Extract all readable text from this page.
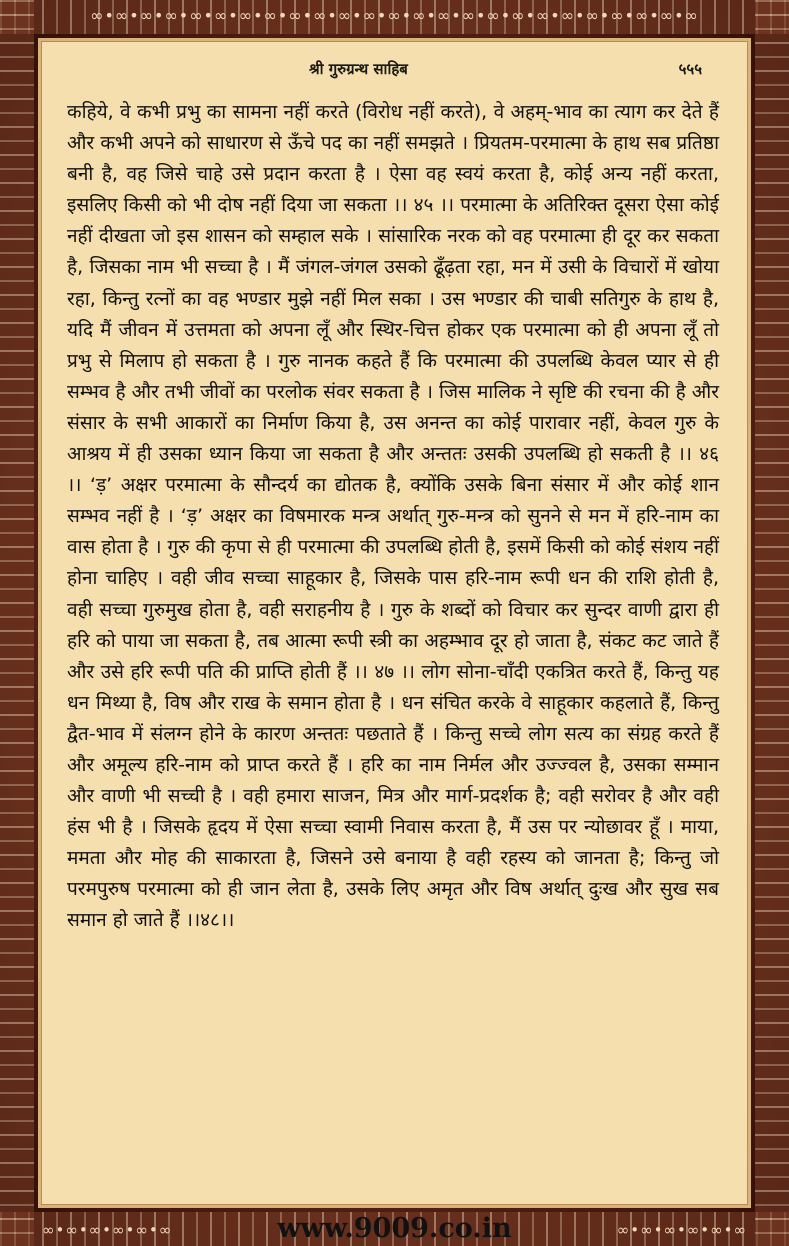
∞•∞•∞•∞•∞•∞•∞•∞•∞•∞•∞•∞•∞•∞•∞•∞•∞•∞•∞•∞•∞•∞•∞•∞•∞
श्री गुरुग्रन्थ साहिब	५५५

कहिये, वे कभी प्रभु का सामना नहीं करते (विरोध नहीं करते), वे अहम्-भाव का त्याग कर देते हैं और कभी अपने को साधारण से ऊँचे पद का नहीं समझते । प्रियतम-परमात्मा के हाथ सब प्रतिष्ठा बनी है, वह जिसे चाहे उसे प्रदान करता है । ऐसा वह स्वयं करता है, कोई अन्य नहीं करता, इसलिए किसी को भी दोष नहीं दिया जा सकता ।। ४५ ।। परमात्मा के अतिरिक्त दूसरा ऐसा कोई नहीं दीखता जो इस शासन को सम्हाल सके । सांसारिक नरक को वह परमात्मा ही दूर कर सकता है, जिसका नाम भी सच्चा है । मैं जंगल-जंगल उसको ढूँढ़ता रहा, मन में उसी के विचारों में खोया रहा, किन्तु रत्नों का वह भण्डार मुझे नहीं मिल सका । उस भण्डार की चाबी सतिगुरु के हाथ है, यदि मैं जीवन में उत्तमता को अपना लूँ और स्थिर-चित्त होकर एक परमात्मा को ही अपना लूँ तो प्रभु से मिलाप हो सकता है । गुरु नानक कहते हैं कि परमात्मा की उपलब्धि केवल प्यार से ही सम्भव है और तभी जीवों का परलोक संवर सकता है । जिस मालिक ने सृष्टि की रचना की है और संसार के सभी आकारों का निर्माण किया है, उस अनन्त का कोई पारावार नहीं, केवल गुरु के आश्रय में ही उसका ध्यान किया जा सकता है और अन्ततः उसकी उपलब्धि हो सकती है ।। ४६ ।। ‘ड़’ अक्षर परमात्मा के सौन्दर्य का द्योतक है, क्योंकि उसके बिना संसार में और कोई शान सम्भव नहीं है । ‘ड़’ अक्षर का विषमारक मन्त्र अर्थात् गुरु-मन्त्र को सुनने से मन में हरि-नाम का वास होता है । गुरु की कृपा से ही परमात्मा की उपलब्धि होती है, इसमें किसी को कोई संशय नहीं होना चाहिए । वही जीव सच्चा साहूकार है, जिसके पास हरि-नाम रूपी धन की राशि होती है, वही सच्चा गुरुमुख होता है, वही सराहनीय है । गुरु के शब्दों को विचार कर सुन्दर वाणी द्वारा ही हरि को पाया जा सकता है, तब आत्मा रूपी स्त्री का अहम्भाव दूर हो जाता है, संकट कट जाते हैं और उसे हरि रूपी पति की प्राप्ति होती हैं ।। ४७ ।। लोग सोना-चाँदी एकत्रित करते हैं, किन्तु यह धन मिथ्या है, विष और राख के समान होता है । धन संचित करके वे साहूकार कहलाते हैं, किन्तु द्वैत-भाव में संलग्न होने के कारण अन्ततः पछताते हैं । किन्तु सच्चे लोग सत्य का संग्रह करते हैं और अमूल्य हरि-नाम को प्राप्त करते हैं । हरि का नाम निर्मल और उज्ज्वल है, उसका सम्मान और वाणी भी सच्ची है । वही हमारा साजन, मित्र और मार्ग-प्रदर्शक है; वही सरोवर है और वही हंस भी है । जिसके हृदय में ऐसा सच्चा स्वामी निवास करता है, मैं उस पर न्योछावर हूँ । माया, ममता और मोह की साकारता है, जिसने उसे बनाया है वही रहस्य को जानता है; किन्तु जो परमपुरुष परमात्मा को ही जान लेता है, उसके लिए अमृत और विष अर्थात् दुःख और सुख सब समान हो जाते हैं ।।४८।।

∞•∞•∞•∞•∞•∞	www.9009.co.in	∞•∞•∞•∞•∞•∞
